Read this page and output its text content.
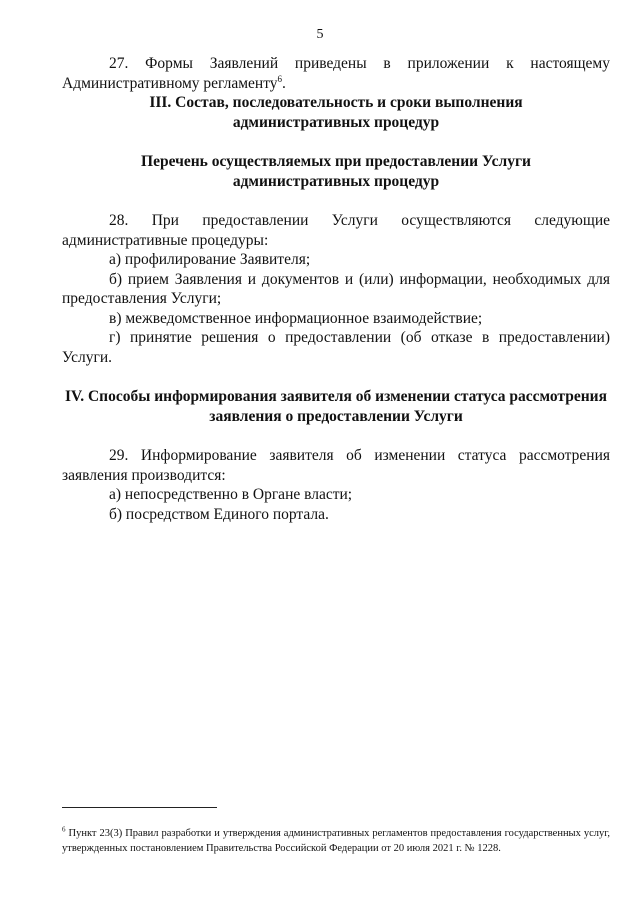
5

27. Формы Заявлений приведены в приложении к настоящему Административному регламенту$^6$.

III. Состав, последовательность и сроки выполнения
административных процедур

Перечень осуществляемых при предоставлении Услуги
административных процедур

28. При предоставлении Услуги осуществляются следующие административные процедуры:

а) профилирование Заявителя;

б) прием Заявления и документов и (или) информации, необходимых для предоставления Услуги;

в) межведомственное информационное взаимодействие;

г) принятие решения о предоставлении (об отказе в предоставлении) Услуги.

IV. Способы информирования заявителя об изменении статуса рассмотрения
заявления о предоставлении Услуги

29. Информирование заявителя об изменении статуса рассмотрения заявления производится:

а) непосредственно в Органе власти;

б) посредством Единого портала.

$^6$ Пункт 23(3) Правил разработки и утверждения административных регламентов предоставления государственных услуг, утвержденных постановлением Правительства Российской Федерации от 20 июля 2021 г. № 1228.
